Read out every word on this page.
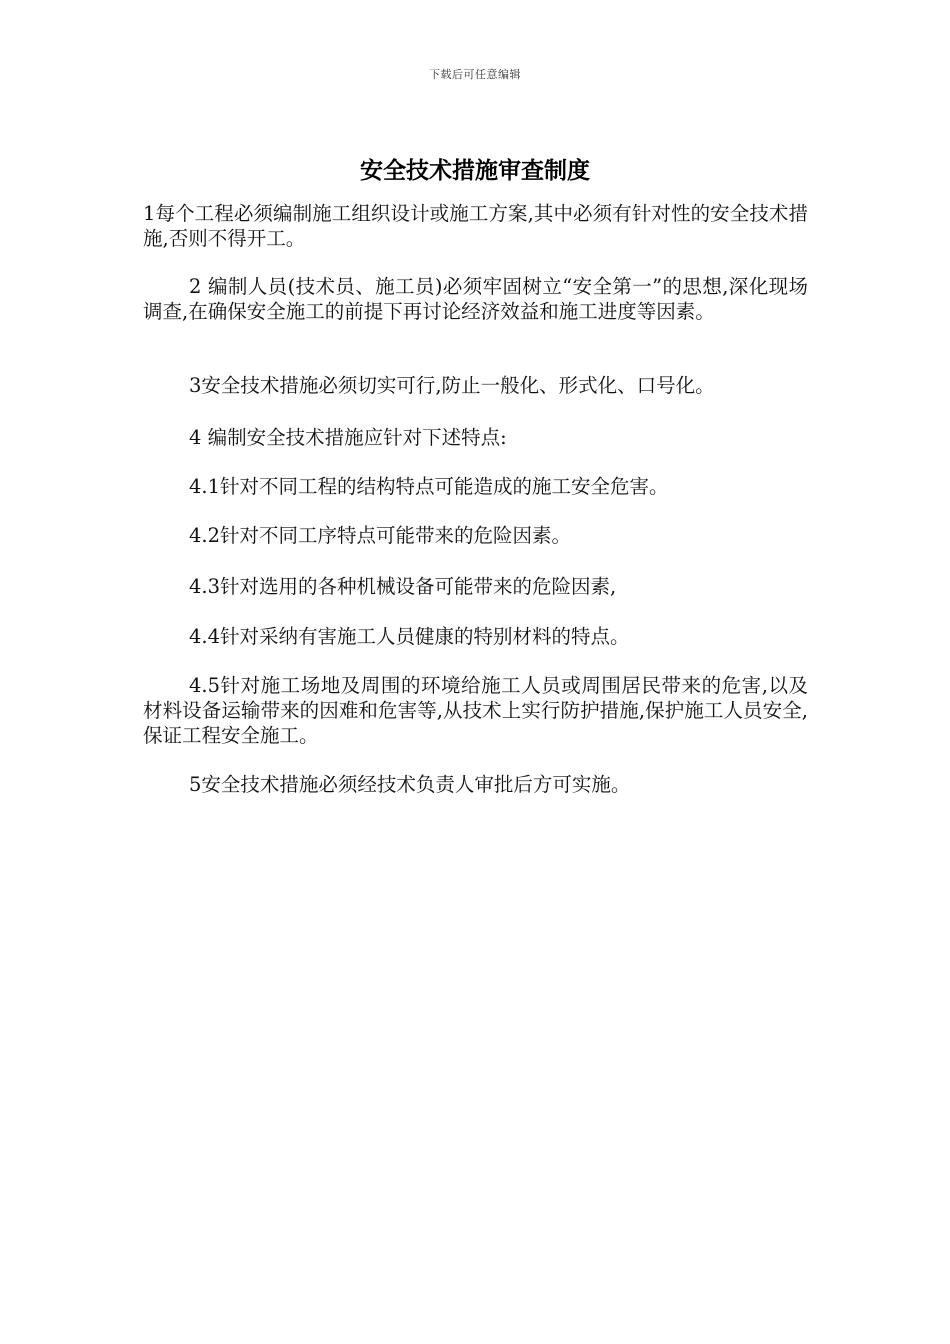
下载后可任意编辑
安全技术措施审查制度

1每个工程必须编制施工组织设计或施工方案,其中必须有针对性的安全技术措施,否则不得开工。

2 编制人员(技术员、施工员)必须牢固树立“安全第一”的思想,深化现场调查,在确保安全施工的前提下再讨论经济效益和施工进度等因素。

3安全技术措施必须切实可行,防止一般化、形式化、口号化。

4 编制安全技术措施应针对下述特点:

4.1针对不同工程的结构特点可能造成的施工安全危害。

4.2针对不同工序特点可能带来的危险因素。

4.3针对选用的各种机械设备可能带来的危险因素,

4.4针对采纳有害施工人员健康的特别材料的特点。

4.5针对施工场地及周围的环境给施工人员或周围居民带来的危害,以及材料设备运输带来的因难和危害等,从技术上实行防护措施,保护施工人员安全,保证工程安全施工。

5安全技术措施必须经技术负责人审批后方可实施。
